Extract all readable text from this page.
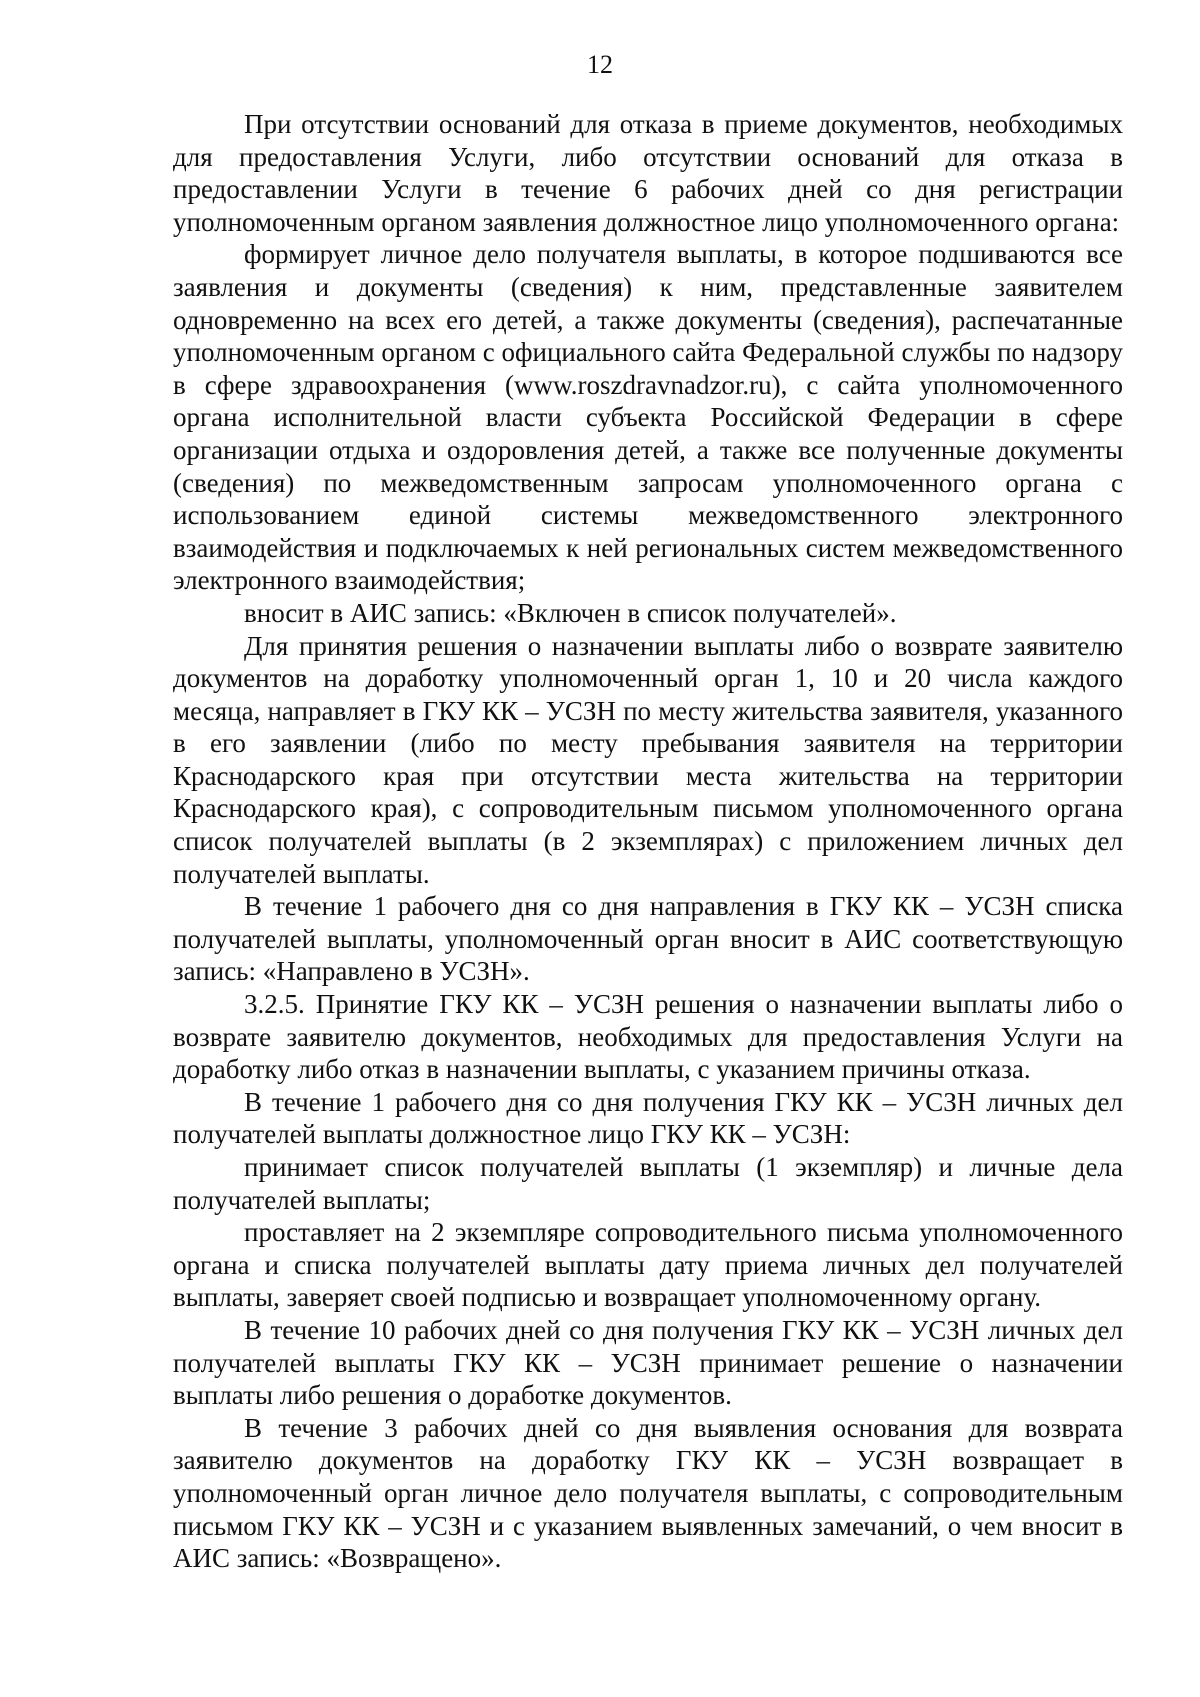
12

При отсутствии оснований для отказа в приеме документов, необходимых для предоставления Услуги, либо отсутствии оснований для отказа в предоставлении Услуги в течение 6 рабочих дней со дня регистрации уполномоченным органом заявления должностное лицо уполномоченного органа:

формирует личное дело получателя выплаты, в которое подшиваются все заявления и документы (сведения) к ним, представленные заявителем одновременно на всех его детей, а также документы (сведения), распечатанные уполномоченным органом с официального сайта Федеральной службы по надзору в сфере здравоохранения (www.roszdravnadzor.ru), с сайта уполномоченного органа исполнительной власти субъекта Российской Федерации в сфере организации отдыха и оздоровления детей, а также все полученные документы (сведения) по межведомственным запросам уполномоченного органа с использованием единой системы межведомственного электронного взаимодействия и подключаемых к ней региональных систем межведомственного электронного взаимодействия;

вносит в АИС запись: «Включен в список получателей».

Для принятия решения о назначении выплаты либо о возврате заявителю документов на доработку уполномоченный орган 1, 10 и 20 числа каждого месяца, направляет в ГКУ КК – УСЗН по месту жительства заявителя, указанного в его заявлении (либо по месту пребывания заявителя на территории Краснодарского края при отсутствии места жительства на территории Краснодарского края), с сопроводительным письмом уполномоченного органа список получателей выплаты (в 2 экземплярах) с приложением личных дел получателей выплаты.

В течение 1 рабочего дня со дня направления в ГКУ КК – УСЗН списка получателей выплаты, уполномоченный орган вносит в АИС соответствующую запись: «Направлено в УСЗН».

3.2.5. Принятие ГКУ КК – УСЗН решения о назначении выплаты либо о возврате заявителю документов, необходимых для предоставления Услуги на доработку либо отказ в назначении выплаты, с указанием причины отказа.

В течение 1 рабочего дня со дня получения ГКУ КК – УСЗН личных дел получателей выплаты должностное лицо ГКУ КК – УСЗН:

принимает список получателей выплаты (1 экземпляр) и личные дела получателей выплаты;

проставляет на 2 экземпляре сопроводительного письма уполномоченного органа и списка получателей выплаты дату приема личных дел получателей выплаты, заверяет своей подписью и возвращает уполномоченному органу.

В течение 10 рабочих дней со дня получения ГКУ КК – УСЗН личных дел получателей выплаты ГКУ КК – УСЗН принимает решение о назначении выплаты либо решения о доработке документов.

В течение 3 рабочих дней со дня выявления основания для возврата заявителю документов на доработку ГКУ КК – УСЗН возвращает в уполномоченный орган личное дело получателя выплаты, с сопроводительным письмом ГКУ КК – УСЗН и с указанием выявленных замечаний, о чем вносит в АИС запись: «Возвращено».
